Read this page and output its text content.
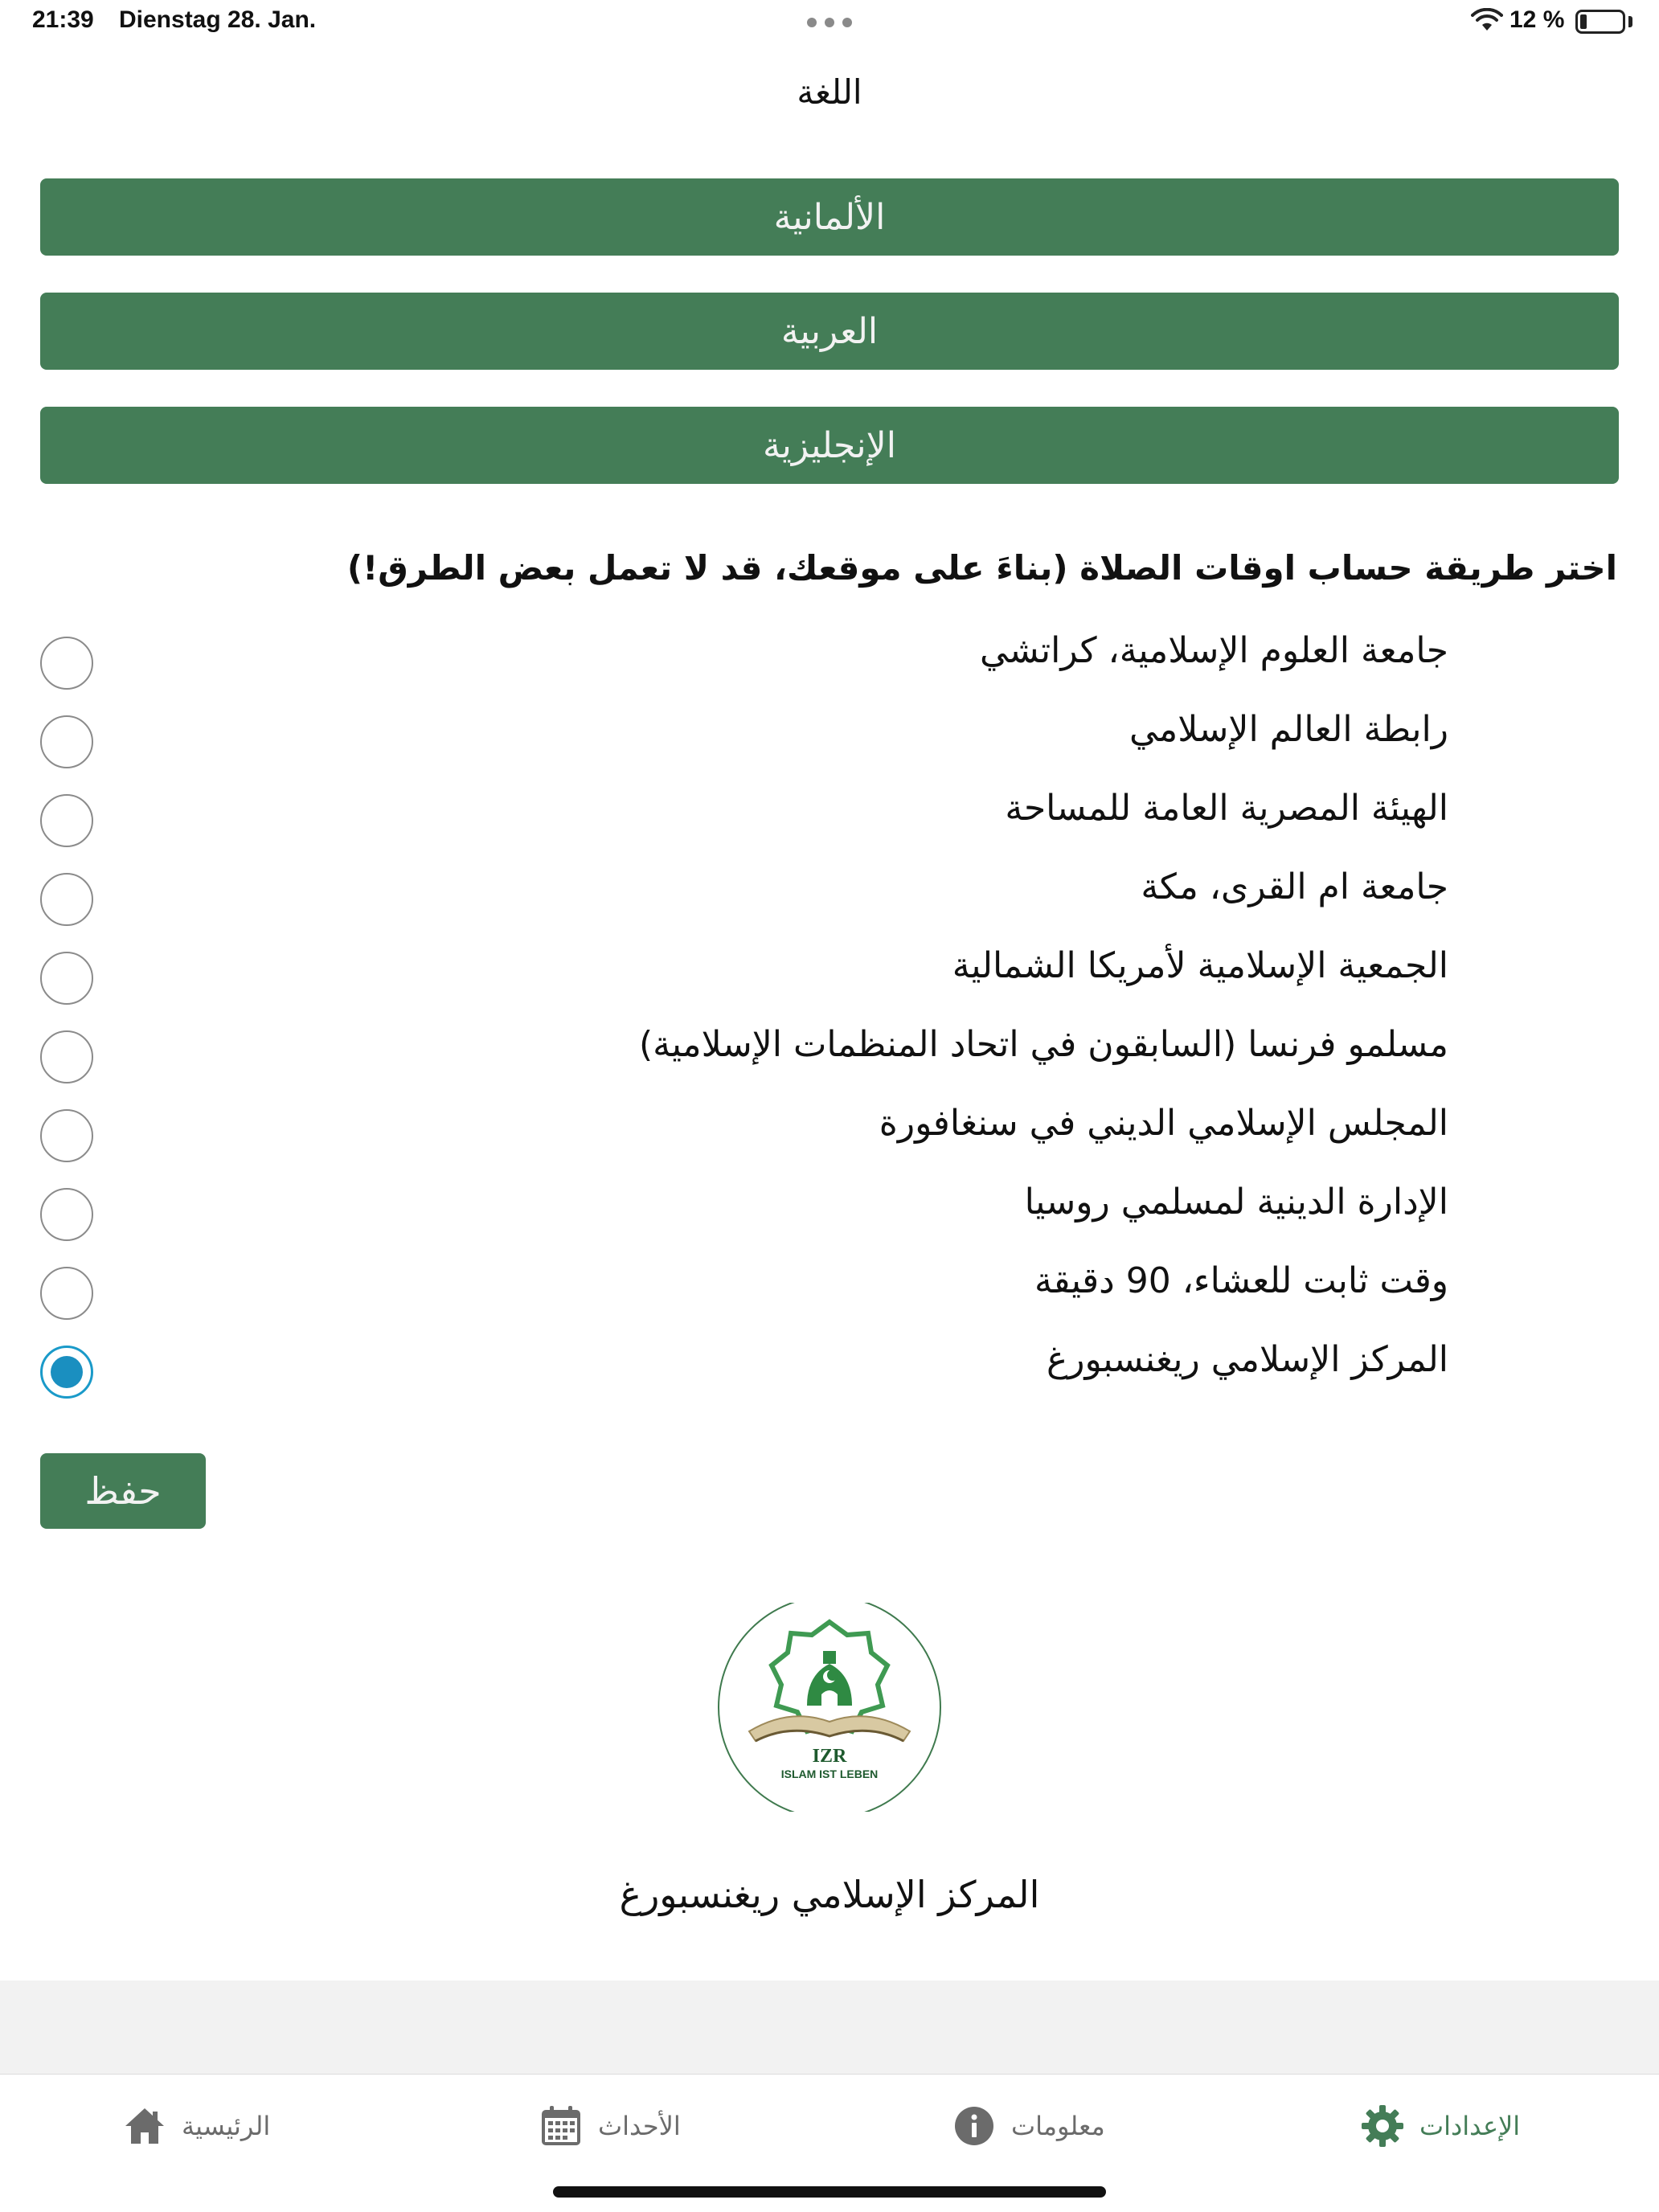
21:39 Dienstag 28. Jan.	12 %
اللغة
الألمانية
العربية
الإنجليزية
اختر طريقة حساب اوقات الصلاة (بناءَ على موقعك، قد لا تعمل بعض الطرق!)
جامعة العلوم الإسلامية، كراتشي
رابطة العالم الإسلامي
الهيئة المصرية العامة للمساحة
جامعة ام القرى، مكة
الجمعية الإسلامية لأمريكا الشمالية
مسلمو فرنسا (السابقون في اتحاد المنظمات الإسلامية)
المجلس الإسلامي الديني في سنغافورة
الإدارة الدينية لمسلمي روسيا
وقت ثابت للعشاء، 90 دقيقة
المركز الإسلامي ريغنسبورغ
حفظ
IZR
ISLAM IST LEBEN
المركز الإسلامي ريغنسبورغ
الرئيسية	الأحداث	معلومات	الإعدادات
